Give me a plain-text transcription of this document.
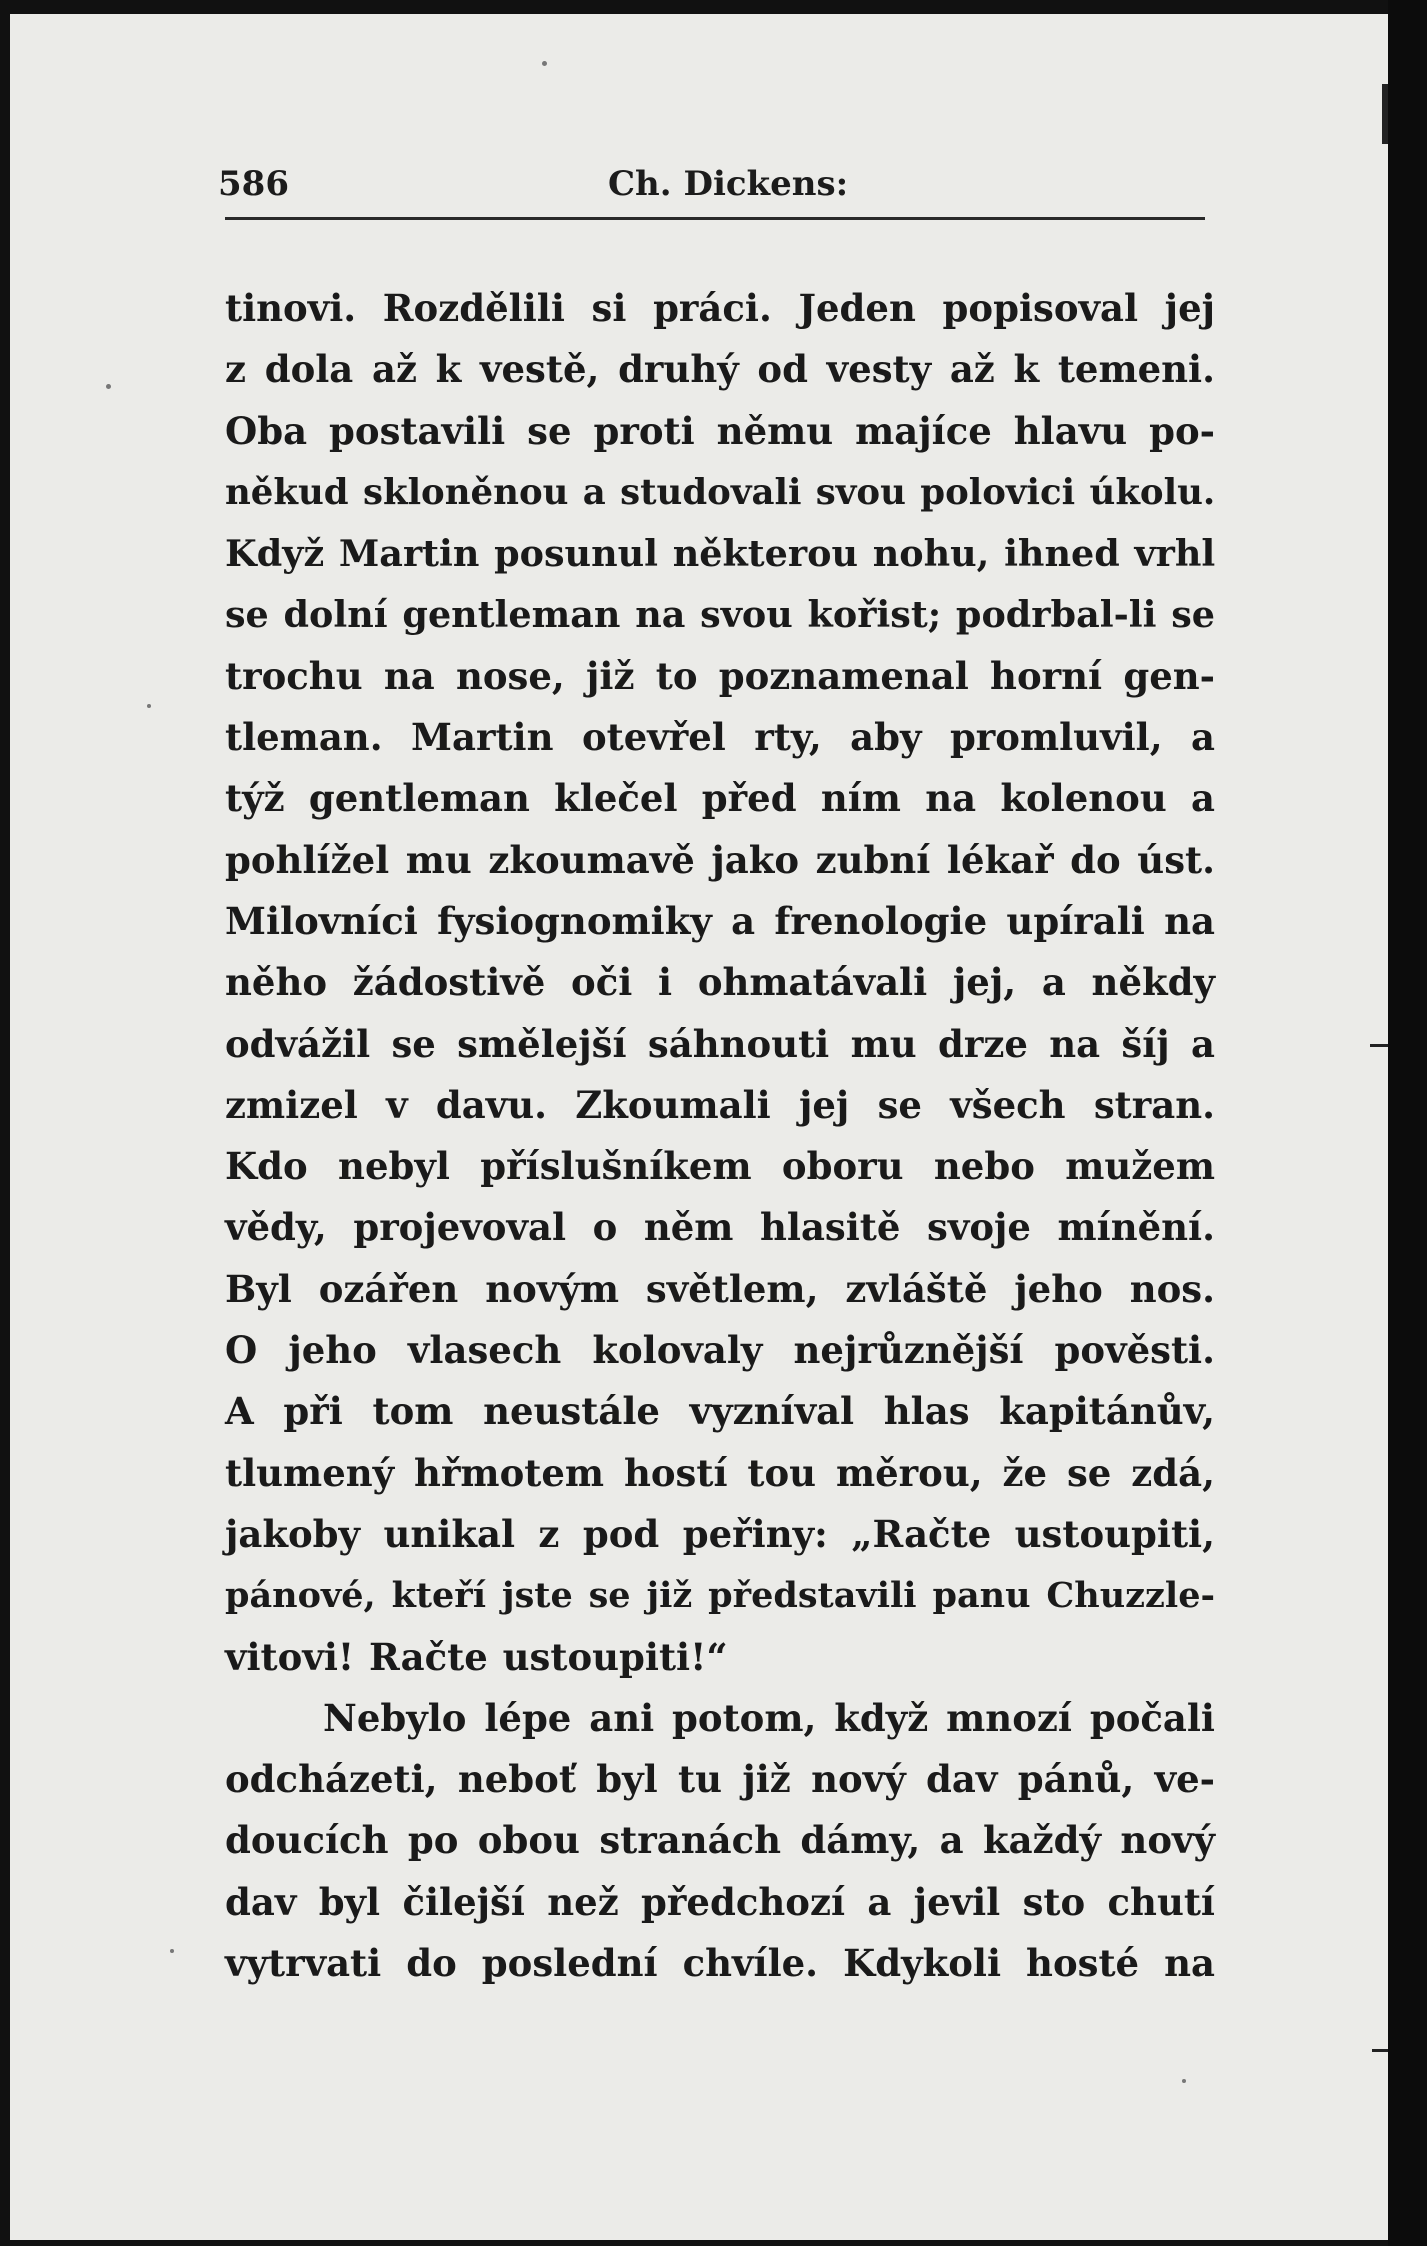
586	Ch. Dickens:
tinovi. Rozdělili si práci. Jeden popisoval jej
z dola až k vestě, druhý od vesty až k temeni.
Oba postavili se proti němu majíce hlavu po-
někud skloněnou a studovali svou polovici úkolu.
Když Martin posunul některou nohu, ihned vrhl
se dolní gentleman na svou kořist; podrbal-li se
trochu na nose, již to poznamenal horní gen-
tleman. Martin otevřel rty, aby promluvil, a
týž gentleman klečel před ním na kolenou a
pohlížel mu zkoumavě jako zubní lékař do úst.
Milovníci fysiognomiky a frenologie upírali na
něho žádostivě oči i ohmatávali jej, a někdy
odvážil se smělejší sáhnouti mu drze na šíj a
zmizel v davu. Zkoumali jej se všech stran.
Kdo nebyl příslušníkem oboru nebo mužem
vědy, projevoval o něm hlasitě svoje mínění.
Byl ozářen novým světlem, zvláště jeho nos.
O jeho vlasech kolovaly nejrůznější pověsti.
A při tom neustále vyzníval hlas kapitánův,
tlumený hřmotem hostí tou měrou, že se zdá,
jakoby unikal z pod peřiny: „Račte ustoupiti,
pánové, kteří jste se již představili panu Chuzzle-
vitovi! Račte ustoupiti!“
Nebylo lépe ani potom, když mnozí počali
odcházeti, neboť byl tu již nový dav pánů, ve-
doucích po obou stranách dámy, a každý nový
dav byl čilejší než předchozí a jevil sto chutí
vytrvati do poslední chvíle. Kdykoli hosté na
